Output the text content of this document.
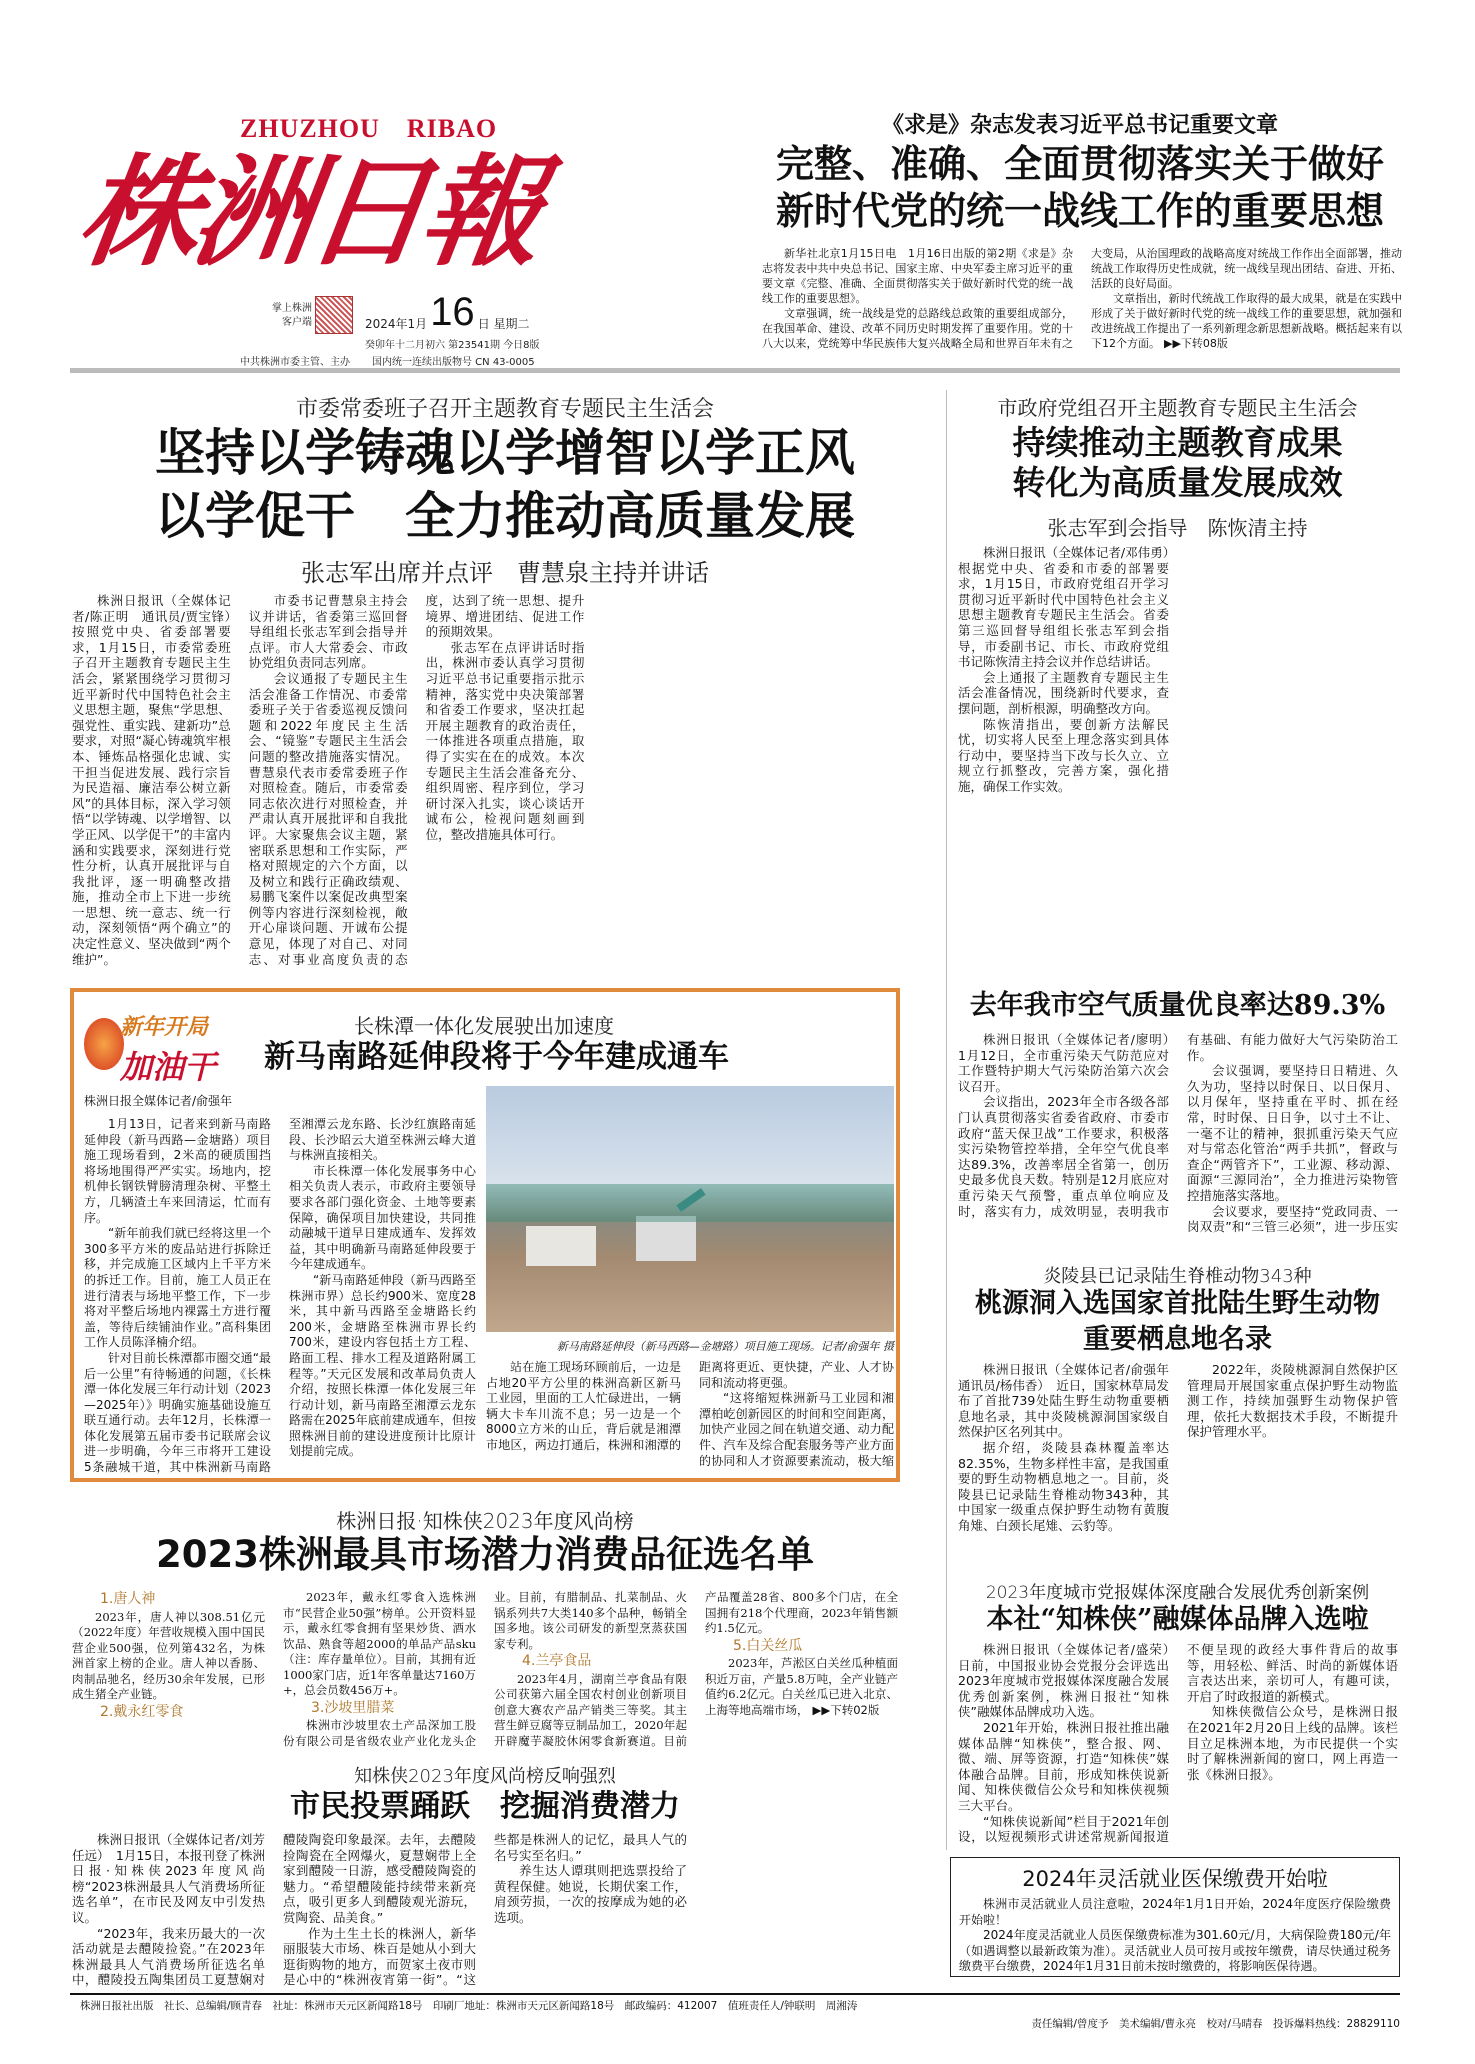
ZHUZHOU　RIBAO
株洲日報
掌上株洲
客户端	2024年1月 16 日 星期二
癸卯年十二月初六 第23541期 今日8版
中共株洲市委主管、主办 国内统一连续出版物号 CN 43-0005
《求是》杂志发表习近平总书记重要文章
完整、准确、全面贯彻落实关于做好
新时代党的统一战线工作的重要思想

新华社北京1月15日电　1月16日出版的第2期《求是》杂志将发表中共中央总书记、国家主席、中央军委主席习近平的重要文章《完整、准确、全面贯彻落实关于做好新时代党的统一战线工作的重要思想》。

文章强调，统一战线是党的总路线总政策的重要组成部分，在我国革命、建设、改革不同历史时期发挥了重要作用。党的十八大以来，党统筹中华民族伟大复兴战略全局和世界百年未有之大变局，从治国理政的战略高度对统战工作作出全面部署，推动统战工作取得历史性成就，统一战线呈现出团结、奋进、开拓、活跃的良好局面。

文章指出，新时代统战工作取得的最大成果，就是在实践中形成了关于做好新时代党的统一战线工作的重要思想，就加强和改进统战工作提出了一系列新理念新思想新战略。概括起来有以下12个方面。 ▶▶下转08版

市委常委班子召开主题教育专题民主生活会
坚持以学铸魂以学增智以学正风
以学促干　全力推动高质量发展
张志军出席并点评　曹慧泉主持并讲话

株洲日报讯（全媒体记者/陈正明　通讯员/贾宝锋）　按照党中央、省委部署要求，1月15日，市委常委班子召开主题教育专题民主生活会，紧紧围绕学习贯彻习近平新时代中国特色社会主义思想主题，聚焦“学思想、强党性、重实践、建新功”总要求，对照“凝心铸魂筑牢根本、锤炼品格强化忠诚、实干担当促进发展、践行宗旨为民造福、廉洁奉公树立新风”的具体目标，深入学习领悟“以学铸魂、以学增智、以学正风、以学促干”的丰富内涵和实践要求，深刻进行党性分析，认真开展批评与自我批评，逐一明确整改措施，推动全市上下进一步统一思想、统一意志、统一行动，深刻领悟“两个确立”的决定性意义、坚决做到“两个维护”。

市委书记曹慧泉主持会议并讲话，省委第三巡回督导组组长张志军到会指导并点评。市人大常委会、市政协党组负责同志列席。

会议通报了专题民主生活会准备工作情况、市委常委班子关于省委巡视反馈问题和2022年度民主生活会、“镜鉴”专题民主生活会问题的整改措施落实情况。曹慧泉代表市委常委班子作对照检查。随后，市委常委同志依次进行对照检查，并严肃认真开展批评和自我批评。大家聚焦会议主题，紧密联系思想和工作实际，严格对照规定的六个方面，以及树立和践行正确政绩观、易鹏飞案件以案促改典型案例等内容进行深刻检视，敞开心扉谈问题、开诚布公提意见，体现了对自己、对同志、对事业高度负责的态度，达到了统一思想、提升境界、增进团结、促进工作的预期效果。

张志军在点评讲话时指出，株洲市委认真学习贯彻习近平总书记重要指示批示精神，落实党中央决策部署和省委工作要求，坚决扛起开展主题教育的政治责任，一体推进各项重点措施，取得了实实在在的成效。本次专题民主生活会准备充分、组织周密、程序到位，学习研讨深入扎实，谈心谈话开诚布公，检视问题刻画到位，整改措施具体可行。

市政府党组召开主题教育专题民主生活会
持续推动主题教育成果
转化为高质量发展成效
张志军到会指导　陈恢清主持

株洲日报讯（全媒体记者/邓伟勇）　根据党中央、省委和市委的部署要求，1月15日，市政府党组召开学习贯彻习近平新时代中国特色社会主义思想主题教育专题民主生活会。省委第三巡回督导组组长张志军到会指导，市委副书记、市长、市政府党组书记陈恢清主持会议并作总结讲话。

会上通报了主题教育专题民主生活会准备情况，围绕新时代要求，查摆问题，剖析根源，明确整改方向。

陈恢清指出，要创新方法解民忧，切实将人民至上理念落实到具体行动中，要坚持当下改与长久立、立规立行抓整改，完善方案，强化措施，确保工作实效。

新年开局
加油干
长株潭一体化发展驶出加速度
新马南路延伸段将于今年建成通车
株洲日报全媒体记者/俞强年
新马南路延伸段（新马西路—金塘路）项目施工现场。记者/俞强年 摄

1月13日，记者来到新马南路延伸段（新马西路—金塘路）项目施工现场看到，2米高的硬质围挡将场地围得严严实实。场地内，挖机伸长钢铁臂膀清理杂树、平整土方，几辆渣土车来回清运，忙而有序。

“新年前我们就已经将这里一个300多平方米的废品站进行拆除迁移，并完成施工区域内上千平方米的拆迁工作。目前，施工人员正在进行清表与场地平整工作，下一步将对平整后场地内裸露土方进行覆盖，等待后续铺油作业。”高科集团工作人员陈泽楠介绍。

针对目前长株潭都市圈交通“最后一公里”有待畅通的问题，《长株潭一体化发展三年行动计划（2023—2025年）》明确实施基础设施互联互通行动。去年12月，长株潭一体化发展第五届市委书记联席会议进一步明确，今年三市将开工建设5条融城干道，其中株洲新马南路至湘潭云龙东路、长沙红旗路南延段、长沙昭云大道至株洲云峰大道与株洲直接相关。

市长株潭一体化发展事务中心相关负责人表示，市政府主要领导要求各部门强化资金、土地等要素保障，确保项目加快建设，共同推动融城干道早日建成通车、发挥效益，其中明确新马南路延伸段要于今年建成通车。

“新马南路延伸段（新马西路至株洲市界）总长约900米、宽度28米，其中新马西路至金塘路长约200米，金塘路至株洲市界长约700米，建设内容包括土方工程、路面工程、排水工程及道路附属工程等。”天元区发展和改革局负责人介绍，按照长株潭一体化发展三年行动计划，新马南路至湘潭云龙东路需在2025年底前建成通车，但按照株洲目前的建设进度预计比原计划提前完成。

站在施工现场环顾前后，一边是占地20平方公里的株洲高新区新马工业园，里面的工人忙碌进出，一辆辆大卡车川流不息；另一边是一个8000立方米的山丘，背后就是湘潭市地区，两边打通后，株洲和湘潭的距离将更近、更快捷，产业、人才协同和流动将更强。

“这将缩短株洲新马工业园和湘潭柏屹创新园区的时间和空间距离，加快产业园之间在轨道交通、动力配件、汽车及综合配套服务等产业方面的协同和人才资源要素流动，极大缩

去年我市空气质量优良率达89.3%

株洲日报讯（全媒体记者/廖明）　1月12日，全市重污染天气防范应对工作暨特护期大气污染防治第六次会议召开。

会议指出，2023年全市各级各部门认真贯彻落实省委省政府、市委市政府“蓝天保卫战”工作要求，积极落实污染物管控举措，全年空气优良率达89.3%，改善率居全省第一，创历史最多优良天数。特别是12月底应对重污染天气预警，重点单位响应及时，落实有力，成效明显，表明我市有基础、有能力做好大气污染防治工作。

会议强调，要坚持日日精进、久久为功，坚持以时保日、以日保月、以月保年，坚持重在平时、抓在经常，时时保、日日争，以寸土不让、一毫不让的精神，狠抓重污染天气应对与常态化管治“两手共抓”，督政与查企“两管齐下”，工业源、移动源、面源“三源同治”，全力推进污染物管控措施落实落地。

会议要求，要坚持“党政同责、一岗双责”和“三管三必须”，进一步压实

炎陵县已记录陆生脊椎动物343种
桃源洞入选国家首批陆生野生动物
重要栖息地名录

株洲日报讯（全媒体记者/俞强年　通讯员/杨伟香）　近日，国家林草局发布了首批739处陆生野生动物重要栖息地名录，其中炎陵桃源洞国家级自然保护区名列其中。

据介绍，炎陵县森林覆盖率达82.35%，生物多样性丰富，是我国重要的野生动物栖息地之一。目前，炎陵县已记录陆生脊椎动物343种，其中国家一级重点保护野生动物有黄腹角雉、白颈长尾雉、云豹等。

2022年，炎陵桃源洞自然保护区管理局开展国家重点保护野生动物监测工作，持续加强野生动物保护管理，依托大数据技术手段，不断提升保护管理水平。

株洲日报·知株侠2023年度风尚榜
2023株洲最具市场潜力消费品征选名单
1.唐人神

2023年，唐人神以308.51亿元（2022年度）年营收规模入围中国民营企业500强，位列第432名，为株洲首家上榜的企业。唐人神以香肠、肉制品驰名，经历30余年发展，已形成生猪全产业链。

2.戴永红零食

2023年，戴永红零食入选株洲市“民营企业50强”榜单。公开资料显示，戴永红零食拥有坚果炒货、酒水饮品、熟食等超2000的单品产品sku（注：库存量单位）。目前，其拥有近1000家门店，近1年客单量达7160万+，总会员数456万+。

3.沙坡里腊菜

株洲市沙坡里农土产品深加工股份有限公司是省级农业产业化龙头企业。目前，有腊制品、扎菜制品、火锅系列共7大类140多个品种，畅销全国多地。该公司研发的新型烹蒸获国家专利。

4.兰亭食品

2023年4月，湖南兰亭食品有限公司获第六届全国农村创业创新项目创意大赛农产品产销类三等奖。其主营生鲜豆腐等豆制品加工，2020年起开辟魔芋凝胶休闲零食新赛道。目前产品覆盖28省、800多个门店，在全国拥有218个代理商，2023年销售额约1.5亿元。

5.白关丝瓜

2023年，芦淞区白关丝瓜种植面积近万亩，产量5.8万吨，全产业链产值约6.2亿元。白关丝瓜已进入北京、上海等地高端市场， ▶▶下转02版

知株侠2023年度风尚榜反响强烈
市民投票踊跃　挖掘消费潜力

株洲日报讯（全媒体记者/刘芳任远）　1月15日，本报刊登了株洲日报·知株侠2023年度风尚榜“2023株洲最具人气消费场所征选名单”，在市民及网友中引发热议。

“2023年，我来历最大的一次活动就是去醴陵捡瓷。”在2023年株洲最具人气消费场所征选名单中，醴陵投五陶集团员工夏慧娴对醴陵陶瓷印象最深。去年，去醴陵捡陶瓷在全网爆火，夏慧娴带上全家到醴陵一日游，感受醴陵陶瓷的魅力。“希望醴陵能持续带来新亮点，吸引更多人到醴陵观光游玩，赏陶瓷、品美食。”

作为土生土长的株洲人，新华丽服装大市场、株百是她从小到大逛街购物的地方，而贺家土夜市则是心中的“株洲夜宵第一街”。“这些都是株洲人的记忆，最具人气的名号实至名归。”

养生达人谭琪则把选票投给了黄程保健。她说，长期伏案工作，肩颈劳损，一次的按摩成为她的必选项。

2023年度城市党报媒体深度融合发展优秀创新案例
本社“知株侠”融媒体品牌入选啦

株洲日报讯（全媒体记者/盛荣）　日前，中国报业协会党报分会评选出2023年度城市党报媒体深度融合发展优秀创新案例，株洲日报社“知株侠”融媒体品牌成功入选。

2021年开始，株洲日报社推出融媒体品牌“知株侠”，整合报、网、微、端、屏等资源，打造“知株侠”媒体融合品牌。目前，形成知株侠说新闻、知株侠微信公众号和知株侠视频三大平台。

“知株侠说新闻”栏目于2021年创设，以短视频形式讲述常规新闻报道不便呈现的政经大事件背后的故事等，用轻松、鲜活、时尚的新媒体语言表达出来，亲切可人，有趣可读，开启了时政报道的新模式。

知株侠微信公众号，是株洲日报在2021年2月20日上线的品牌。该栏目立足株洲本地，为市民提供一个实时了解株洲新闻的窗口，网上再造一张《株洲日报》。

2024年灵活就业医保缴费开始啦

株洲市灵活就业人员注意啦，2024年1月1日开始，2024年度医疗保险缴费开始啦！

2024年度灵活就业人员医保缴费标准为301.60元/月，大病保险费180元/年（如遇调整以最新政策为准）。灵活就业人员可按月或按年缴费，请尽快通过税务缴费平台缴费，2024年1月31日前未按时缴费的，将影响医保待遇。

株洲日报社出版　社长、总编辑/顾青春　社址：株洲市天元区新闻路18号　印刷厂地址：株洲市天元区新闻路18号　邮政编码：412007　值班责任人/钟联明　周湘涛
责任编辑/曾度予　美术编辑/曹永亮　校对/马晴春　投诉爆料热线：28829110
